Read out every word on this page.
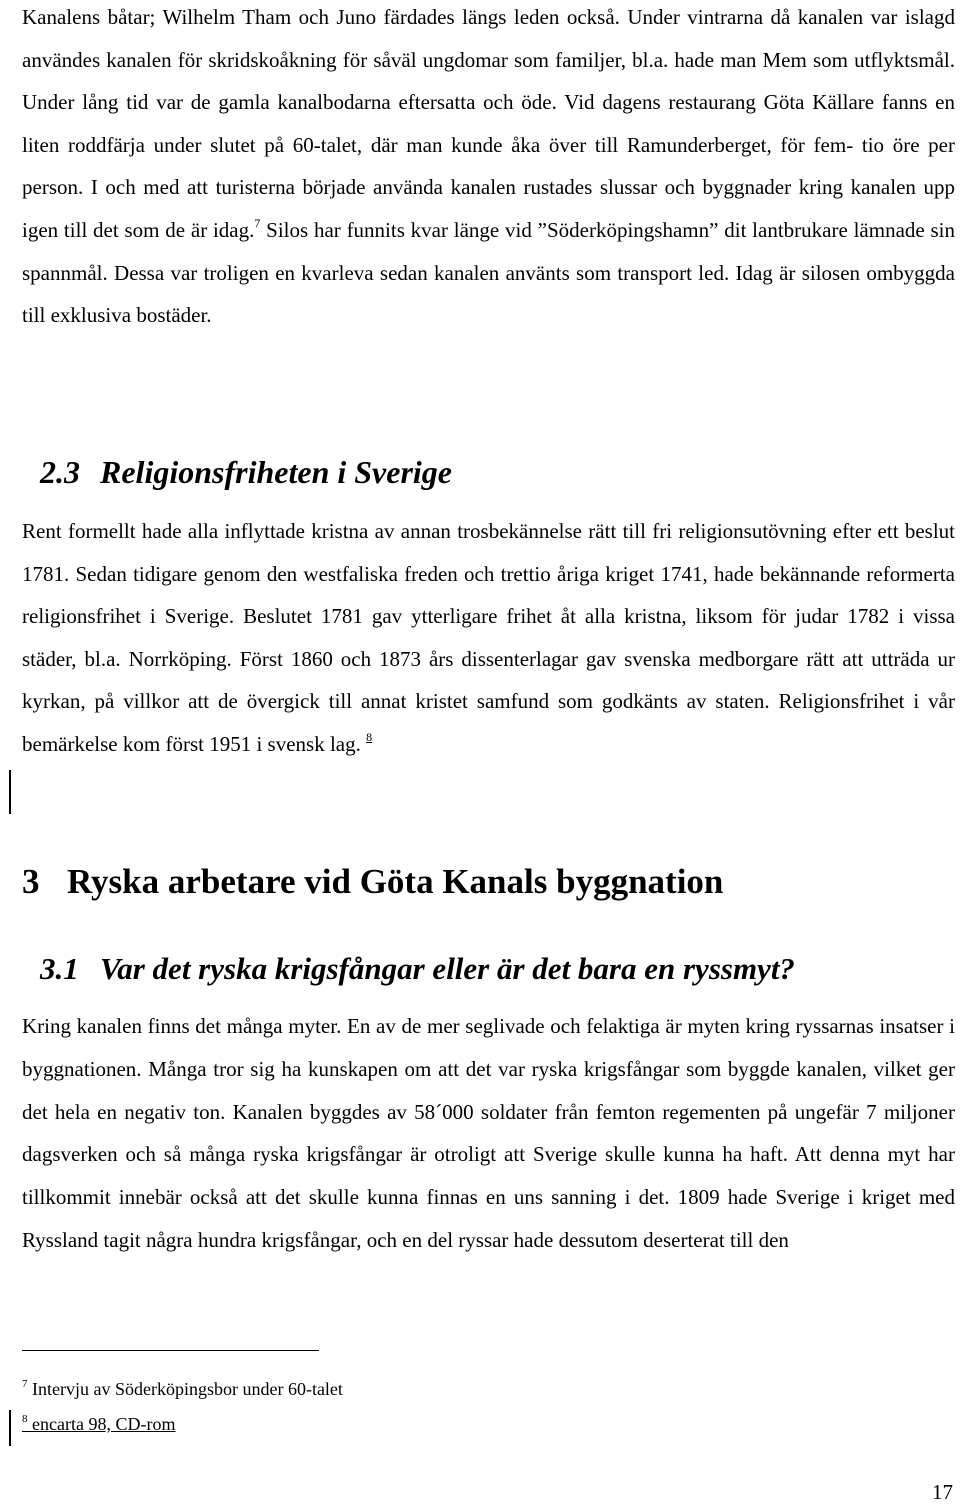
Kanalens båtar; Wilhelm Tham och Juno färdades längs leden också. Under vintrarna då kanalen var islagd användes kanalen för skridskoåkning för såväl ungdomar som familjer, bl.a. hade man Mem som utflyktsmål. Under lång tid var de gamla kanalbodarna eftersatta och öde. Vid dagens restaurang Göta Källare fanns en liten roddfärja under slutet på 60-talet, där man kunde åka över till Ramunderberget, för fem- tio öre per person. I och med att turisterna började använda kanalen rustades slussar och byggnader kring kanalen upp igen till det som de är idag.$^7$ Silos har funnits kvar länge vid ”Söderköpingshamn” dit lantbrukare lämnade sin spannmål. Dessa var troligen en kvarleva sedan kanalen använts som transport led. Idag är silosen ombyggda till exklusiva bostäder.

2.3 Religionsfriheten i Sverige

Rent formellt hade alla inflyttade kristna av annan trosbekännelse rätt till fri religionsutövning efter ett beslut 1781. Sedan tidigare genom den westfaliska freden och trettio åriga kriget 1741, hade bekännande reformerta religionsfrihet i Sverige. Beslutet 1781 gav ytterligare frihet åt alla kristna, liksom för judar 1782 i vissa städer, bl.a. Norrköping. Först 1860 och 1873 års dissenterlagar gav svenska medborgare rätt att utträda ur kyrkan, på villkor att de övergick till annat kristet samfund som godkänts av staten. Religionsfrihet i vår bemärkelse kom först 1951 i svensk lag. $^8$

3 Ryska arbetare vid Göta Kanals byggnation
3.1 Var det ryska krigsfångar eller är det bara en ryssmyt?

Kring kanalen finns det många myter. En av de mer seglivade och felaktiga är myten kring ryssarnas insatser i byggnationen. Många tror sig ha kunskapen om att det var ryska krigsfångar som byggde kanalen, vilket ger det hela en negativ ton. Kanalen byggdes av 58´000 soldater från femton regementen på ungefär 7 miljoner dagsverken och så många ryska krigsfångar är otroligt att Sverige skulle kunna ha haft. Att denna myt har tillkommit innebär också att det skulle kunna finnas en uns sanning i det. 1809 hade Sverige i kriget med Ryssland tagit några hundra krigsfångar, och en del ryssar hade dessutom deserterat till den

$^7$ Intervju av Söderköpingsbor under 60-talet
$^8$ encarta 98, CD-rom
17
